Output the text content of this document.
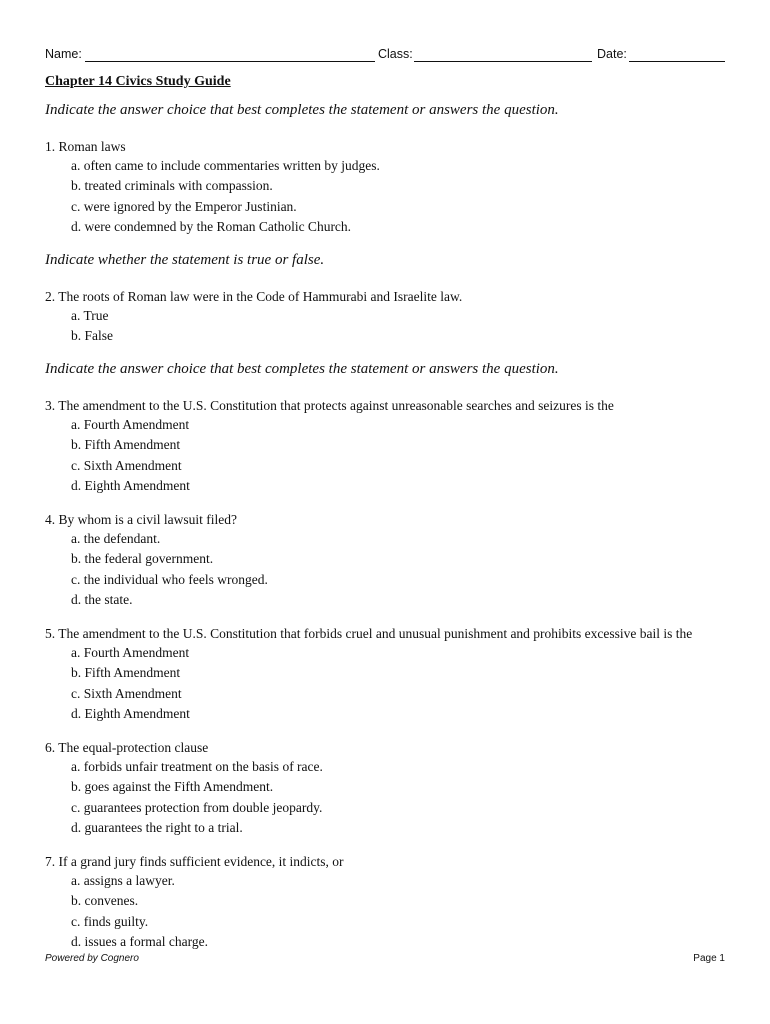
Name:	Class:	Date:
Chapter 14 Civics Study Guide
Indicate the answer choice that best completes the statement or answers the question.
1. Roman laws
a. often came to include commentaries written by judges.
b. treated criminals with compassion.
c. were ignored by the Emperor Justinian.
d. were condemned by the Roman Catholic Church.
Indicate whether the statement is true or false.
2. The roots of Roman law were in the Code of Hammurabi and Israelite law.
a. True
b. False
Indicate the answer choice that best completes the statement or answers the question.
3. The amendment to the U.S. Constitution that protects against unreasonable searches and seizures is the
a. Fourth Amendment
b. Fifth Amendment
c. Sixth Amendment
d. Eighth Amendment
4. By whom is a civil lawsuit filed?
a. the defendant.
b. the federal government.
c. the individual who feels wronged.
d. the state.
5. The amendment to the U.S. Constitution that forbids cruel and unusual punishment and prohibits excessive bail is the
a. Fourth Amendment
b. Fifth Amendment
c. Sixth Amendment
d. Eighth Amendment
6. The equal-protection clause
a. forbids unfair treatment on the basis of race.
b. goes against the Fifth Amendment.
c. guarantees protection from double jeopardy.
d. guarantees the right to a trial.
7. If a grand jury finds sufficient evidence, it indicts, or
a. assigns a lawyer.
b. convenes.
c. finds guilty.
d. issues a formal charge.
Powered by Cognero	Page 1
